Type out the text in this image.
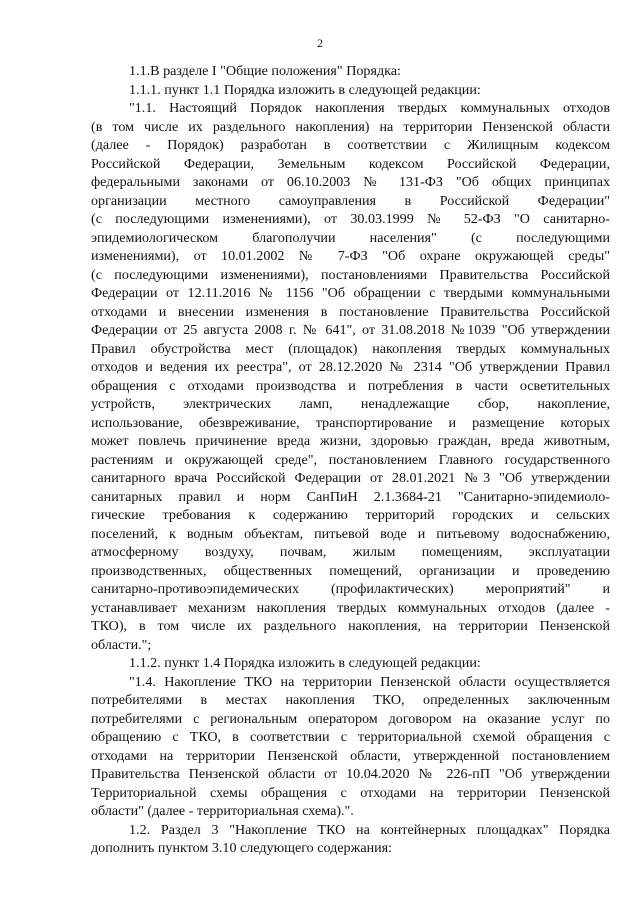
2

1.1.В разделе I "Общие положения" Порядка:

1.1.1. пункт 1.1 Порядка изложить в следующей редакции:

"1.1. Настоящий Порядок накопления твердых коммунальных отходов

(в том числе их раздельного накопления) на территории Пензенской области

(далее - Порядок) разработан в соответствии с Жилищным кодексом

Российской Федерации, Земельным кодексом Российской Федерации,

федеральными законами от 06.10.2003 № 131-ФЗ "Об общих принципах

организации местного самоуправления в Российской Федерации"

(с последующими изменениями), от 30.03.1999 № 52-ФЗ "О санитарно-

эпидемиологическом благополучии населения" (с последующими

изменениями), от 10.01.2002 № 7-ФЗ "Об охране окружающей среды"

(с последующими изменениями), постановлениями Правительства Российской

Федерации от 12.11.2016 № 1156 "Об обращении с твердыми коммунальными

отходами и внесении изменения в постановление Правительства Российской

Федерации от 25 августа 2008 г. № 641", от 31.08.2018 №1039 "Об утверждении

Правил обустройства мест (площадок) накопления твердых коммунальных

отходов и ведения их реестра", от 28.12.2020 № 2314 "Об утверждении Правил

обращения с отходами производства и потребления в части осветительных

устройств, электрических ламп, ненадлежащие сбор, накопление,

использование, обезвреживание, транспортирование и размещение которых

может повлечь причинение вреда жизни, здоровью граждан, вреда животным,

растениям и окружающей среде", постановлением Главного государственного

санитарного врача Российской Федерации от 28.01.2021 №3 "Об утверждении

санитарных правил и норм СанПиН 2.1.3684-21 "Санитарно-эпидемиоло-

гические требования к содержанию территорий городских и сельских

поселений, к водным объектам, питьевой воде и питьевому водоснабжению,

атмосферному воздуху, почвам, жилым помещениям, эксплуатации

производственных, общественных помещений, организации и проведению

санитарно-противоэпидемических (профилактических) мероприятий" и

устанавливает механизм накопления твердых коммунальных отходов (далее -

ТКО), в том числе их раздельного накопления, на территории Пензенской

области.";

1.1.2. пункт 1.4 Порядка изложить в следующей редакции:

"1.4. Накопление ТКО на территории Пензенской области осуществляется

потребителями в местах накопления ТКО, определенных заключенным

потребителями с региональным оператором договором на оказание услуг по

обращению с ТКО, в соответствии с территориальной схемой обращения с

отходами на территории Пензенской области, утвержденной постановлением

Правительства Пензенской области от 10.04.2020 № 226-пП "Об утверждении

Территориальной схемы обращения с отходами на территории Пензенской

области" (далее - территориальная схема).".

1.2. Раздел 3 "Накопление ТКО на контейнерных площадках" Порядка

дополнить пунктом 3.10 следующего содержания:
